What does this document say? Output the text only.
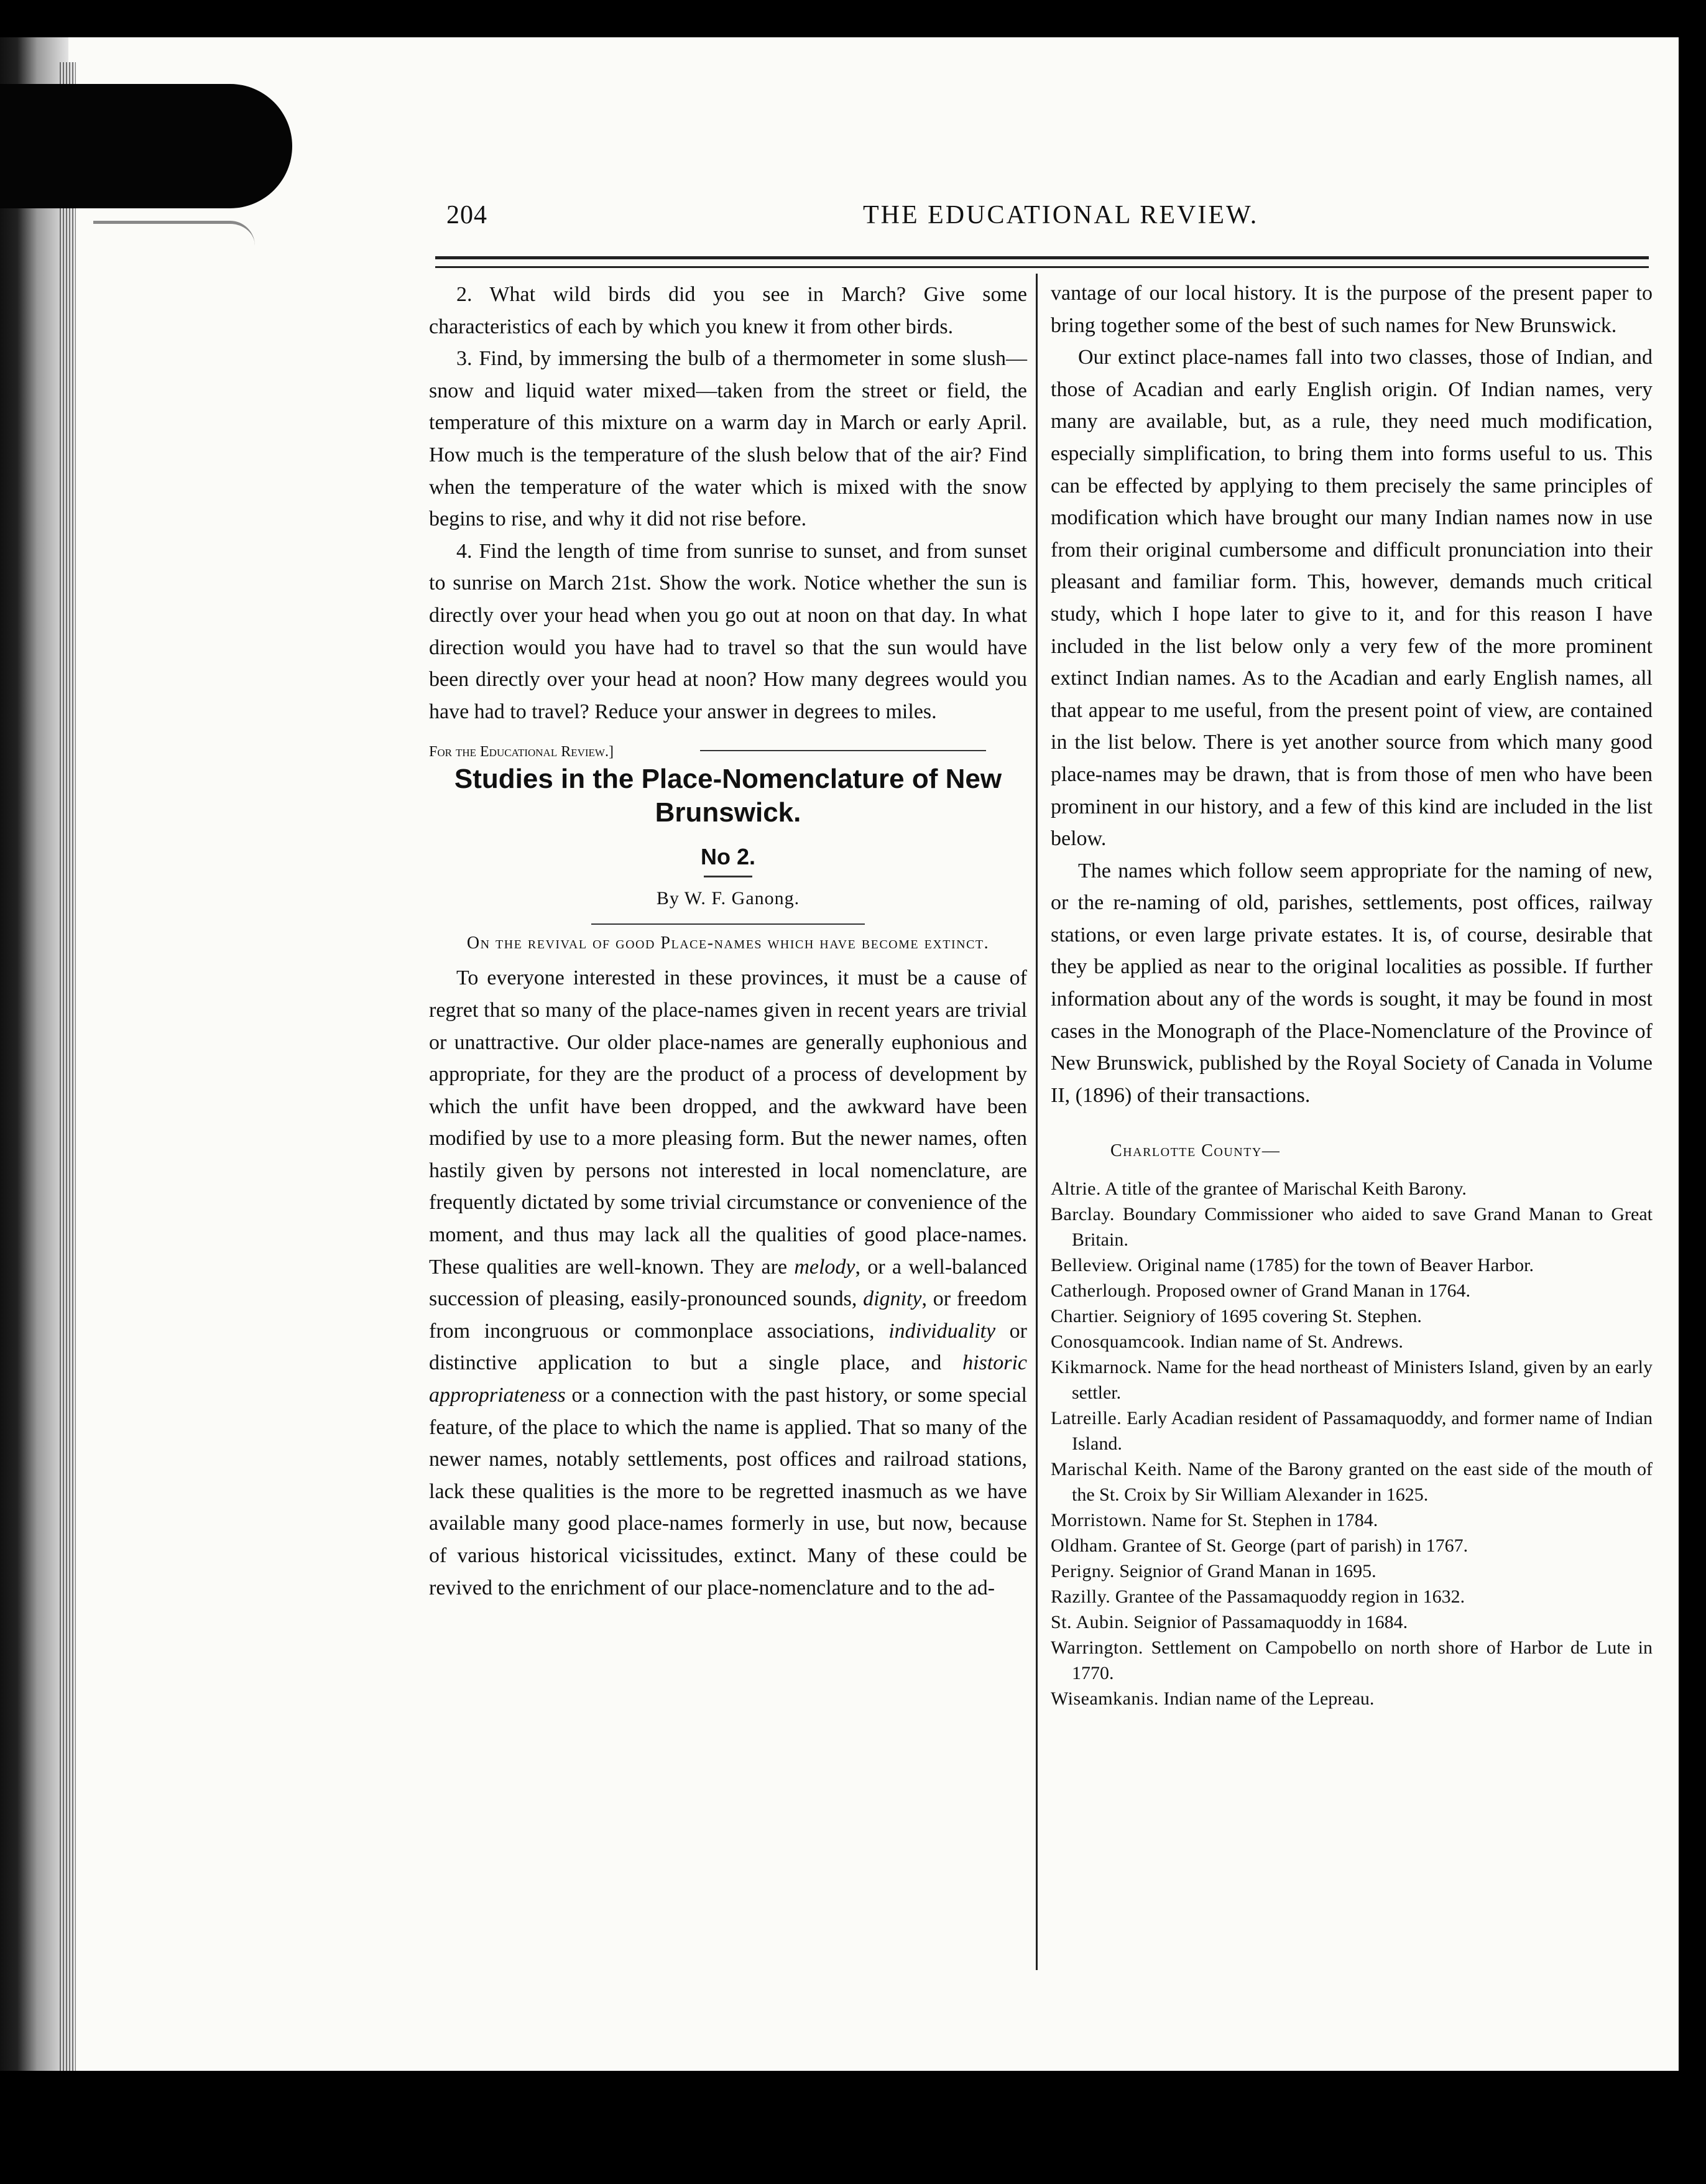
204	THE EDUCATIONAL REVIEW.

2. What wild birds did you see in March? Give some characteristics of each by which you knew it from other birds.

3. Find, by immersing the bulb of a thermometer in some slush—snow and liquid water mixed—taken from the street or field, the temperature of this mixture on a warm day in March or early April. How much is the temperature of the slush below that of the air? Find when the temperature of the water which is mixed with the snow begins to rise, and why it did not rise before.

4. Find the length of time from sunrise to sunset, and from sunset to sunrise on March 21st. Show the work. Notice whether the sun is directly over your head when you go out at noon on that day. In what direction would you have had to travel so that the sun would have been directly over your head at noon? How many degrees would you have had to travel? Reduce your answer in degrees to miles.

For the Educational Review.]

Studies in the Place-Nomenclature of New Brunswick.

No 2.

By W. F. Ganong.

On the revival of good Place-names which have become extinct.

To everyone interested in these provinces, it must be a cause of regret that so many of the place-names given in recent years are trivial or unattractive. Our older place-names are generally euphonious and appropriate, for they are the product of a process of development by which the unfit have been dropped, and the awkward have been modified by use to a more pleasing form. But the newer names, often hastily given by persons not interested in local nomenclature, are frequently dictated by some trivial circumstance or convenience of the moment, and thus may lack all the qualities of good place-names. These qualities are well-known. They are melody, or a well-balanced succession of pleasing, easily-pronounced sounds, dignity, or freedom from incongruous or commonplace associations, individuality or distinctive application to but a single place, and historic appropriateness or a connection with the past history, or some special feature, of the place to which the name is applied. That so many of the newer names, notably settlements, post offices and railroad stations, lack these qualities is the more to be regretted inasmuch as we have available many good place-names formerly in use, but now, because of various historical vicissitudes, extinct. Many of these could be revived to the enrichment of our place-nomenclature and to the ad-

vantage of our local history. It is the purpose of the present paper to bring together some of the best of such names for New Brunswick.

Our extinct place-names fall into two classes, those of Indian, and those of Acadian and early English origin. Of Indian names, very many are available, but, as a rule, they need much modification, especially simplification, to bring them into forms useful to us. This can be effected by applying to them precisely the same principles of modification which have brought our many Indian names now in use from their original cumbersome and difficult pronunciation into their pleasant and familiar form. This, however, demands much critical study, which I hope later to give to it, and for this reason I have included in the list below only a very few of the more prominent extinct Indian names. As to the Acadian and early English names, all that appear to me useful, from the present point of view, are contained in the list below. There is yet another source from which many good place-names may be drawn, that is from those of men who have been prominent in our history, and a few of this kind are included in the list below.

The names which follow seem appropriate for the naming of new, or the re-naming of old, parishes, settlements, post offices, railway stations, or even large private estates. It is, of course, desirable that they be applied as near to the original localities as possible. If further information about any of the words is sought, it may be found in most cases in the Monograph of the Place-Nomenclature of the Province of New Brunswick, published by the Royal Society of Canada in Volume II, (1896) of their transactions.

Charlotte County—

Altrie. A title of the grantee of Marischal Keith Barony.

Barclay. Boundary Commissioner who aided to save Grand Manan to Great Britain.

Belleview. Original name (1785) for the town of Beaver Harbor.

Catherlough. Proposed owner of Grand Manan in 1764.

Chartier. Seigniory of 1695 covering St. Stephen.

Conosquamcook. Indian name of St. Andrews.

Kikmarnock. Name for the head northeast of Ministers Island, given by an early settler.

Latreille. Early Acadian resident of Passamaquoddy, and former name of Indian Island.

Marischal Keith. Name of the Barony granted on the east side of the mouth of the St. Croix by Sir William Alexander in 1625.

Morristown. Name for St. Stephen in 1784.

Oldham. Grantee of St. George (part of parish) in 1767.

Perigny. Seignior of Grand Manan in 1695.

Razilly. Grantee of the Passamaquoddy region in 1632.

St. Aubin. Seignior of Passamaquoddy in 1684.

Warrington. Settlement on Campobello on north shore of Harbor de Lute in 1770.

Wiseamkanis. Indian name of the Lepreau.
